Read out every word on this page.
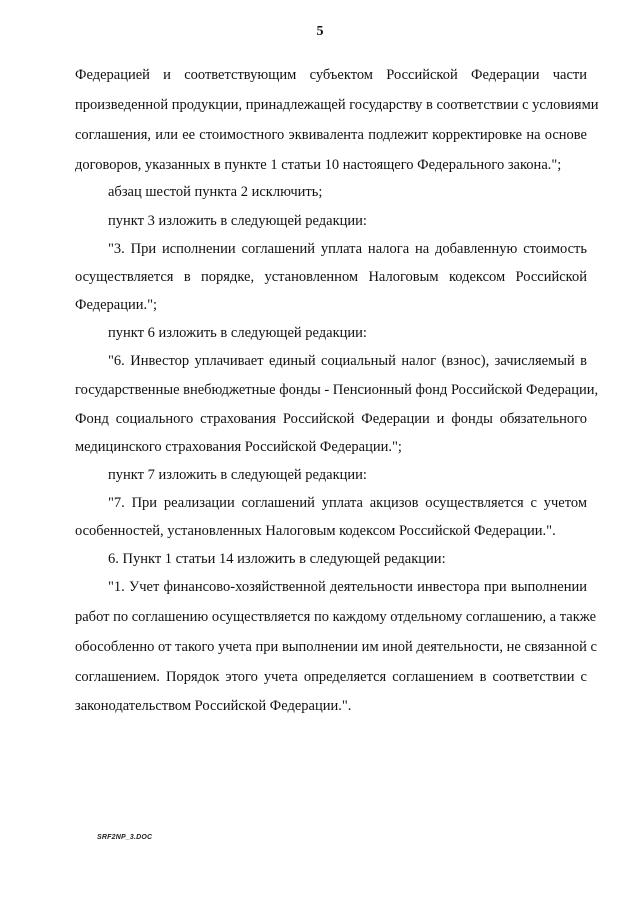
5
Федерацией и соответствующим субъектом Российской Федерации части
произведенной продукции, принадлежащей государству в соответствии с условиями
соглашения, или ее стоимостного эквивалента подлежит корректировке на основе
договоров, указанных в пункте 1 статьи 10 настоящего Федерального закона.";
абзац шестой пункта 2 исключить;
пункт 3 изложить в следующей редакции:
"3. При исполнении соглашений уплата налога на добавленную стоимость
осуществляется в порядке, установленном Налоговым кодексом Российской
Федерации.";
пункт 6 изложить в следующей редакции:
"6. Инвестор уплачивает единый социальный налог (взнос), зачисляемый в
государственные внебюджетные фонды - Пенсионный фонд Российской Федерации,
Фонд социального страхования Российской Федерации и фонды обязательного
медицинского страхования Российской Федерации.";
пункт 7 изложить в следующей редакции:
"7. При реализации соглашений уплата акцизов осуществляется с учетом
особенностей, установленных Налоговым кодексом Российской Федерации.".
6. Пункт 1 статьи 14 изложить в следующей редакции:
"1. Учет финансово-хозяйственной деятельности инвестора при выполнении
работ по соглашению осуществляется по каждому отдельному соглашению, а также
обособленно от такого учета при выполнении им иной деятельности, не связанной с
соглашением. Порядок этого учета определяется соглашением в соответствии с
законодательством Российской Федерации.".
SRF2NP_3.DOC
